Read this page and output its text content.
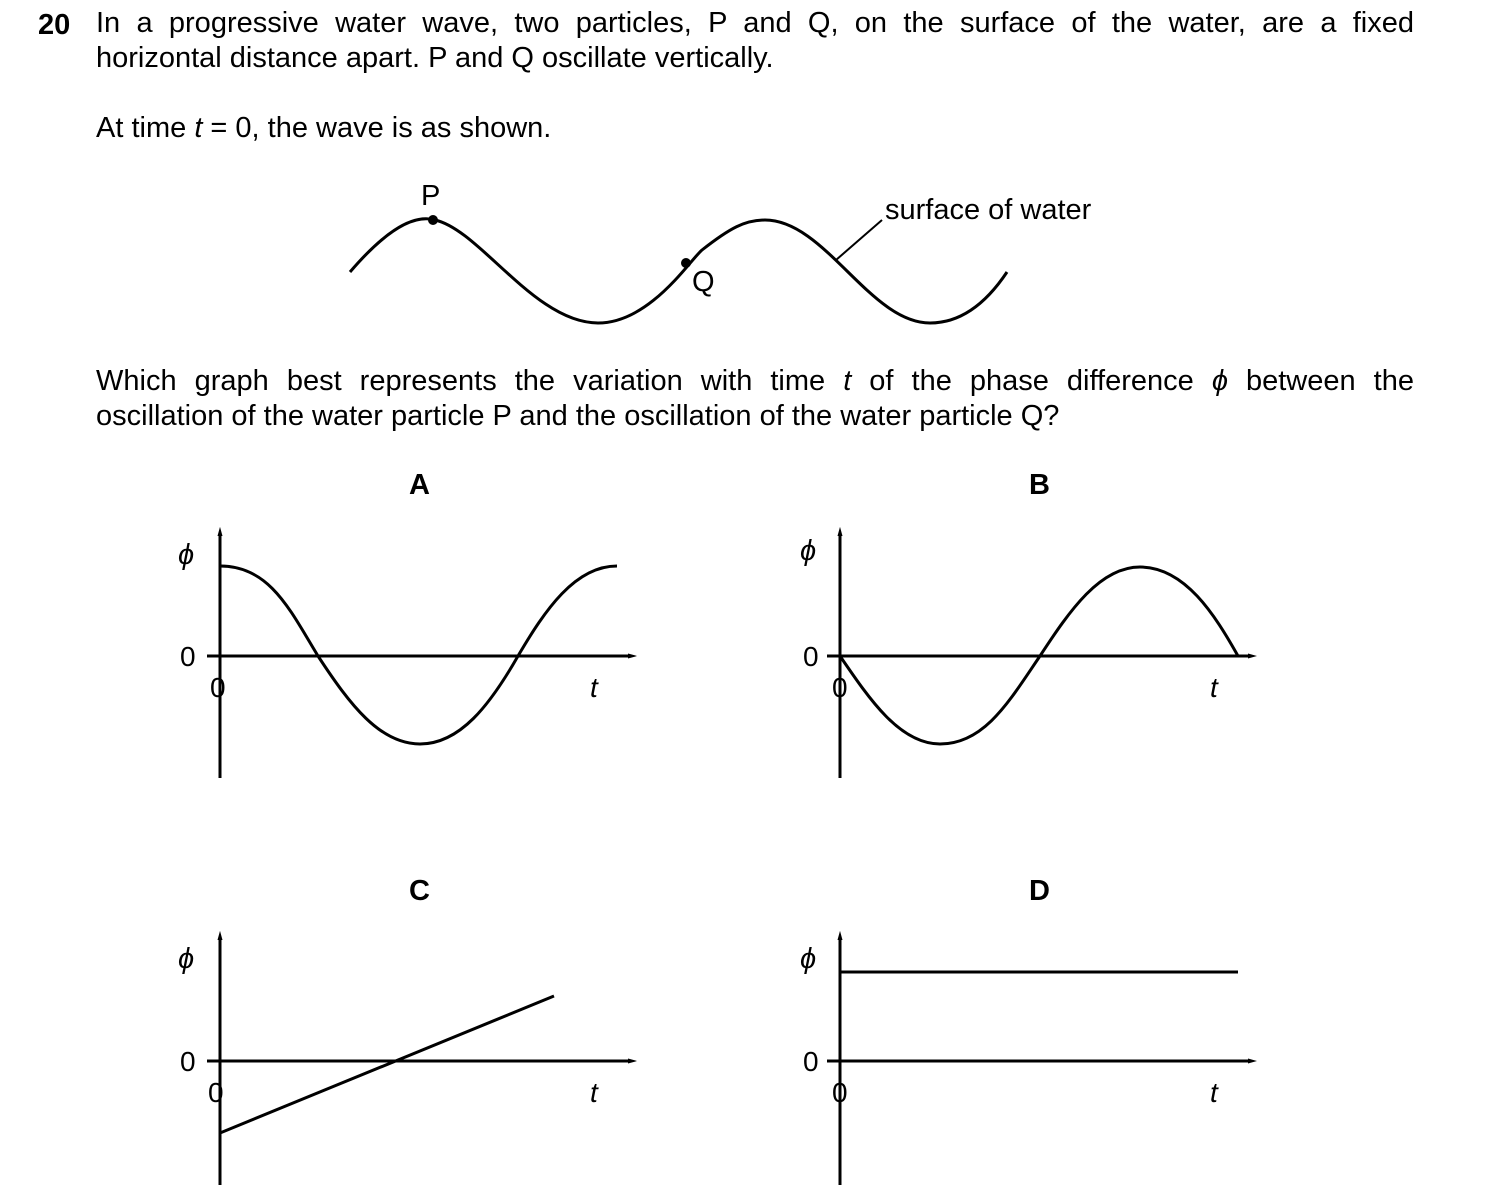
20 In a progressive water wave, two particles, P and Q, on the surface of the water, are a fixed
horizontal distance apart. P and Q oscillate vertically.
At time t = 0, the wave is as shown.
Which graph best represents the variation with time t of the phase difference ϕ between the
oscillation of the water particle P and the oscillation of the water particle Q?
P
Q
surface of water
A
ϕ
0
0	t
B
ϕ
0
0	t
C
ϕ
0
0	t
D
ϕ
0
0	t
